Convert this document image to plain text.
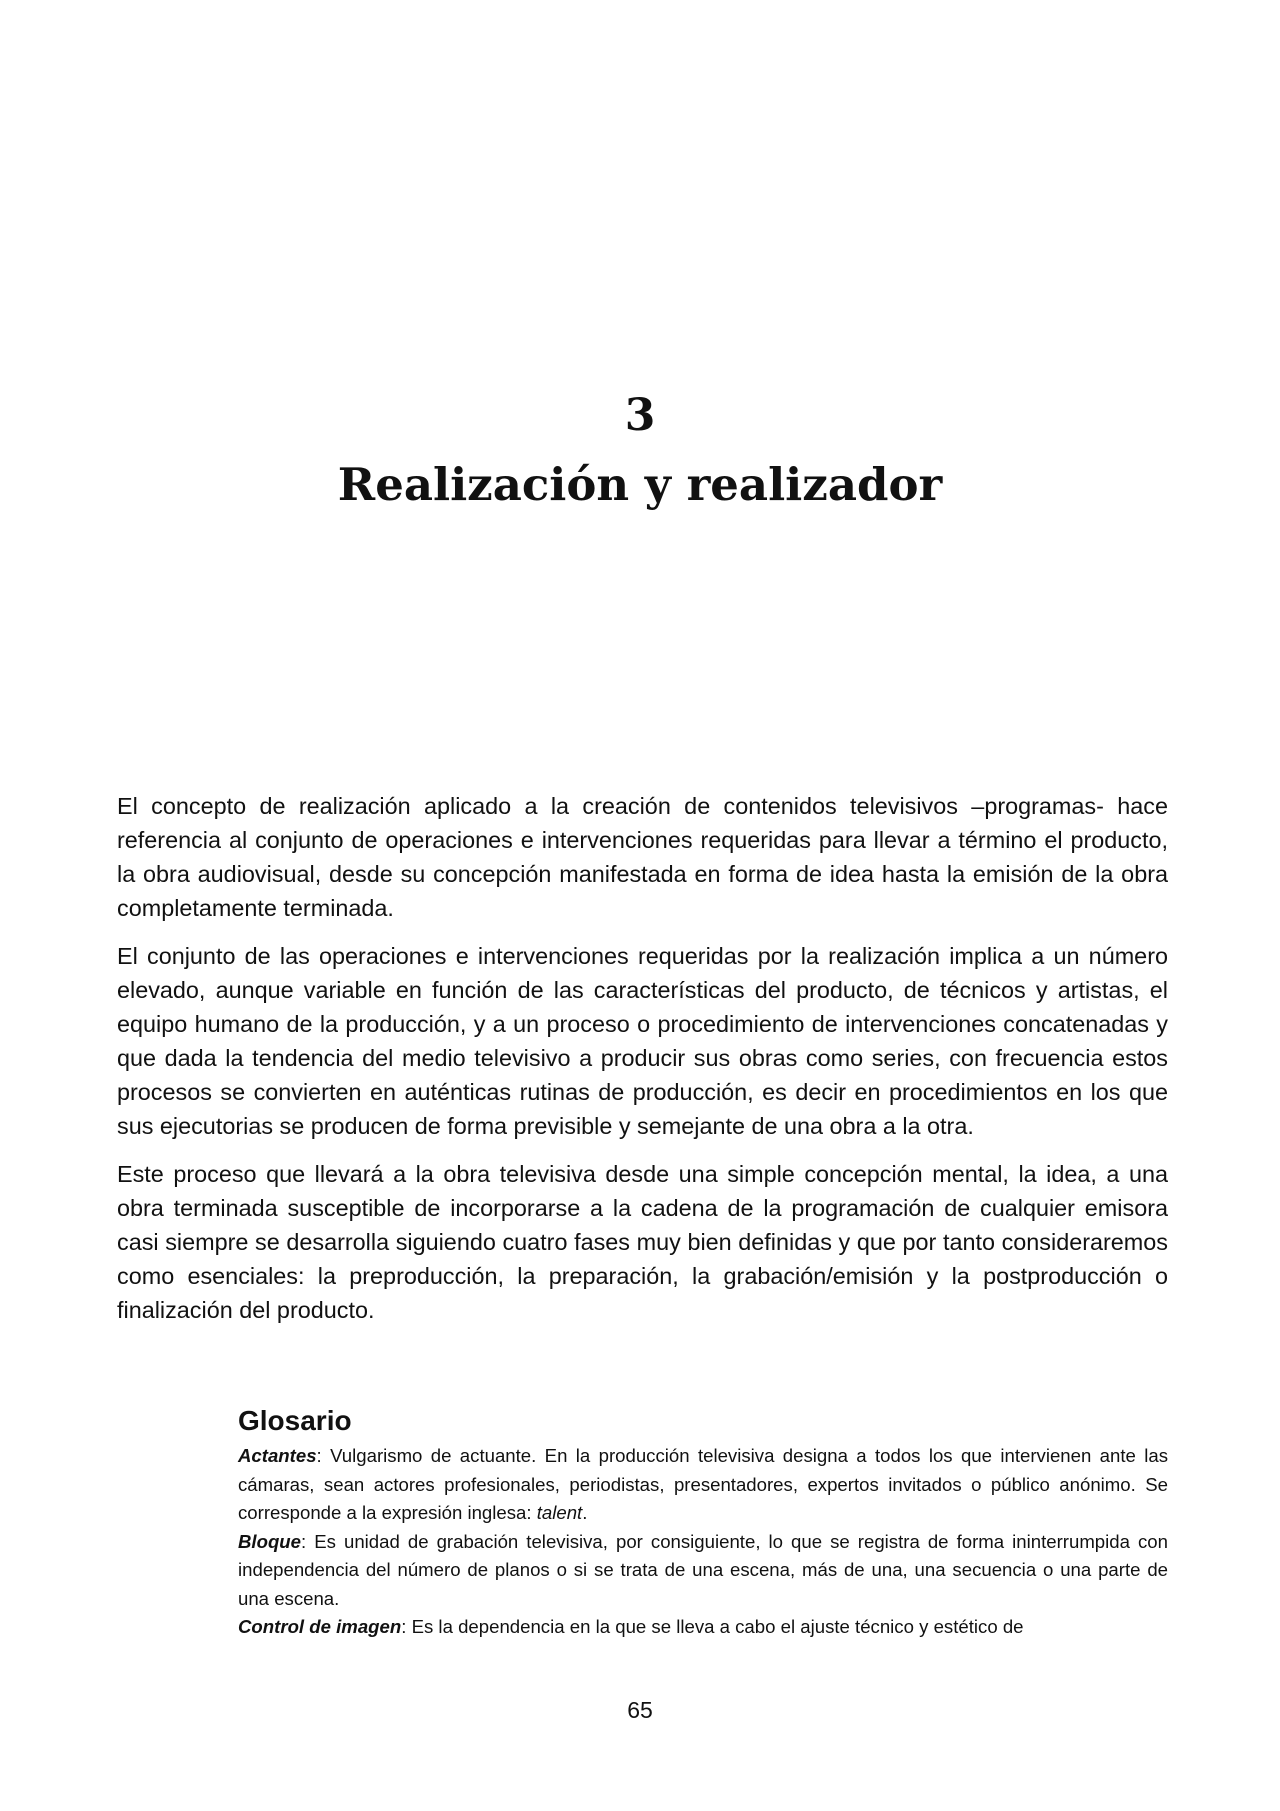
3
Realización y realizador

El concepto de realización aplicado a la creación de contenidos televisivos –programas- hace referencia al conjunto de operaciones e intervenciones requeridas para llevar a término el producto, la obra audiovisual, desde su concepción manifestada en forma de idea hasta la emisión de la obra completamente terminada.

El conjunto de las operaciones e intervenciones requeridas por la realización implica a un número elevado, aunque variable en función de las características del producto, de técnicos y artistas, el equipo humano de la producción, y a un proceso o procedimiento de intervenciones concatenadas y que dada la tendencia del medio televisivo a producir sus obras como series, con frecuencia estos procesos se convierten en auténticas rutinas de producción, es decir en procedimientos en los que sus ejecutorias se producen de forma previsible y semejante de una obra a la otra.

Este proceso que llevará a la obra televisiva desde una simple concepción mental, la idea, a una obra terminada susceptible de incorporarse a la cadena de la programación de cualquier emisora casi siempre se desarrolla siguiendo cuatro fases muy bien definidas y que por tanto consideraremos como esenciales: la preproducción, la preparación, la grabación/emisión y la postproducción o finalización del producto.

Glosario

Actantes: Vulgarismo de actuante. En la producción televisiva designa a todos los que intervienen ante las cámaras, sean actores profesionales, periodistas, presentadores, expertos invitados o público anónimo. Se corresponde a la expresión inglesa: talent.

Bloque: Es unidad de grabación televisiva, por consiguiente, lo que se registra de forma ininterrumpida con independencia del número de planos o si se trata de una escena, más de una, una secuencia o una parte de una escena.

Control de imagen: Es la dependencia en la que se lleva a cabo el ajuste técnico y estético de

65
